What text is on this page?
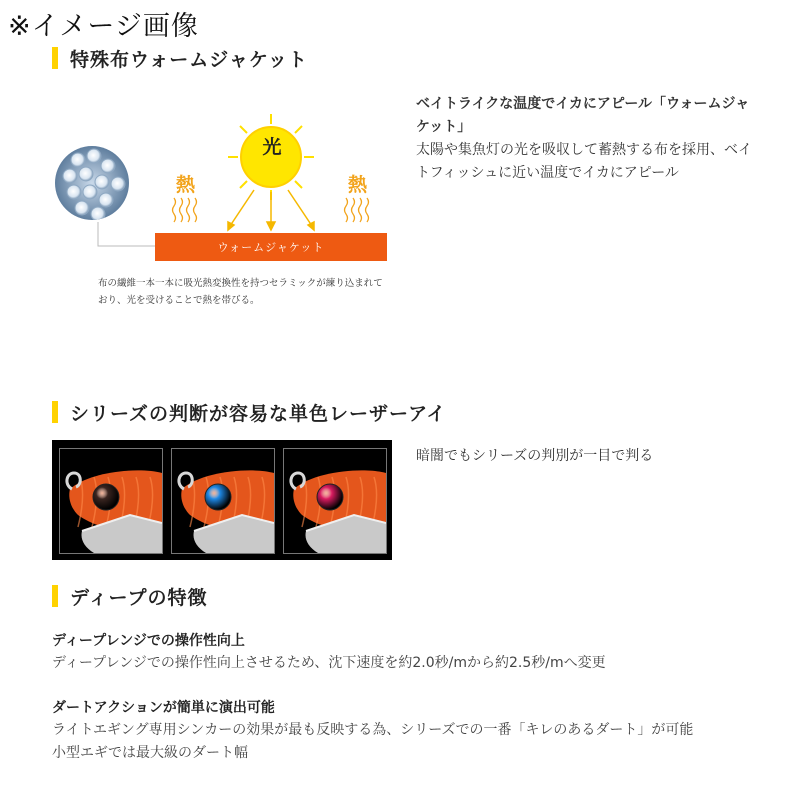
※イメージ画像
特殊布ウォームジャケット
光
熱	熱
ウォームジャケット
布の繊維一本一本に吸光熱変換性を持つセラミックが練り込まれて
おり、光を受けることで熱を帯びる。
ベイトライクな温度でイカにアピール「ウォームジャ
ケット」
太陽や集魚灯の光を吸収して蓄熱する布を採用、ベイ
トフィッシュに近い温度でイカにアピール
シリーズの判断が容易な単色レーザーアイ
暗闇でもシリーズの判別が一目で判る
ディープの特徴
ディープレンジでの操作性向上
ディープレンジでの操作性向上させるため、沈下速度を約2.0秒/mから約2.5秒/mへ変更
ダートアクションが簡単に演出可能
ライトエギング専用シンカーの効果が最も反映する為、シリーズでの一番「キレのあるダート」が可能
小型エギでは最大級のダート幅
